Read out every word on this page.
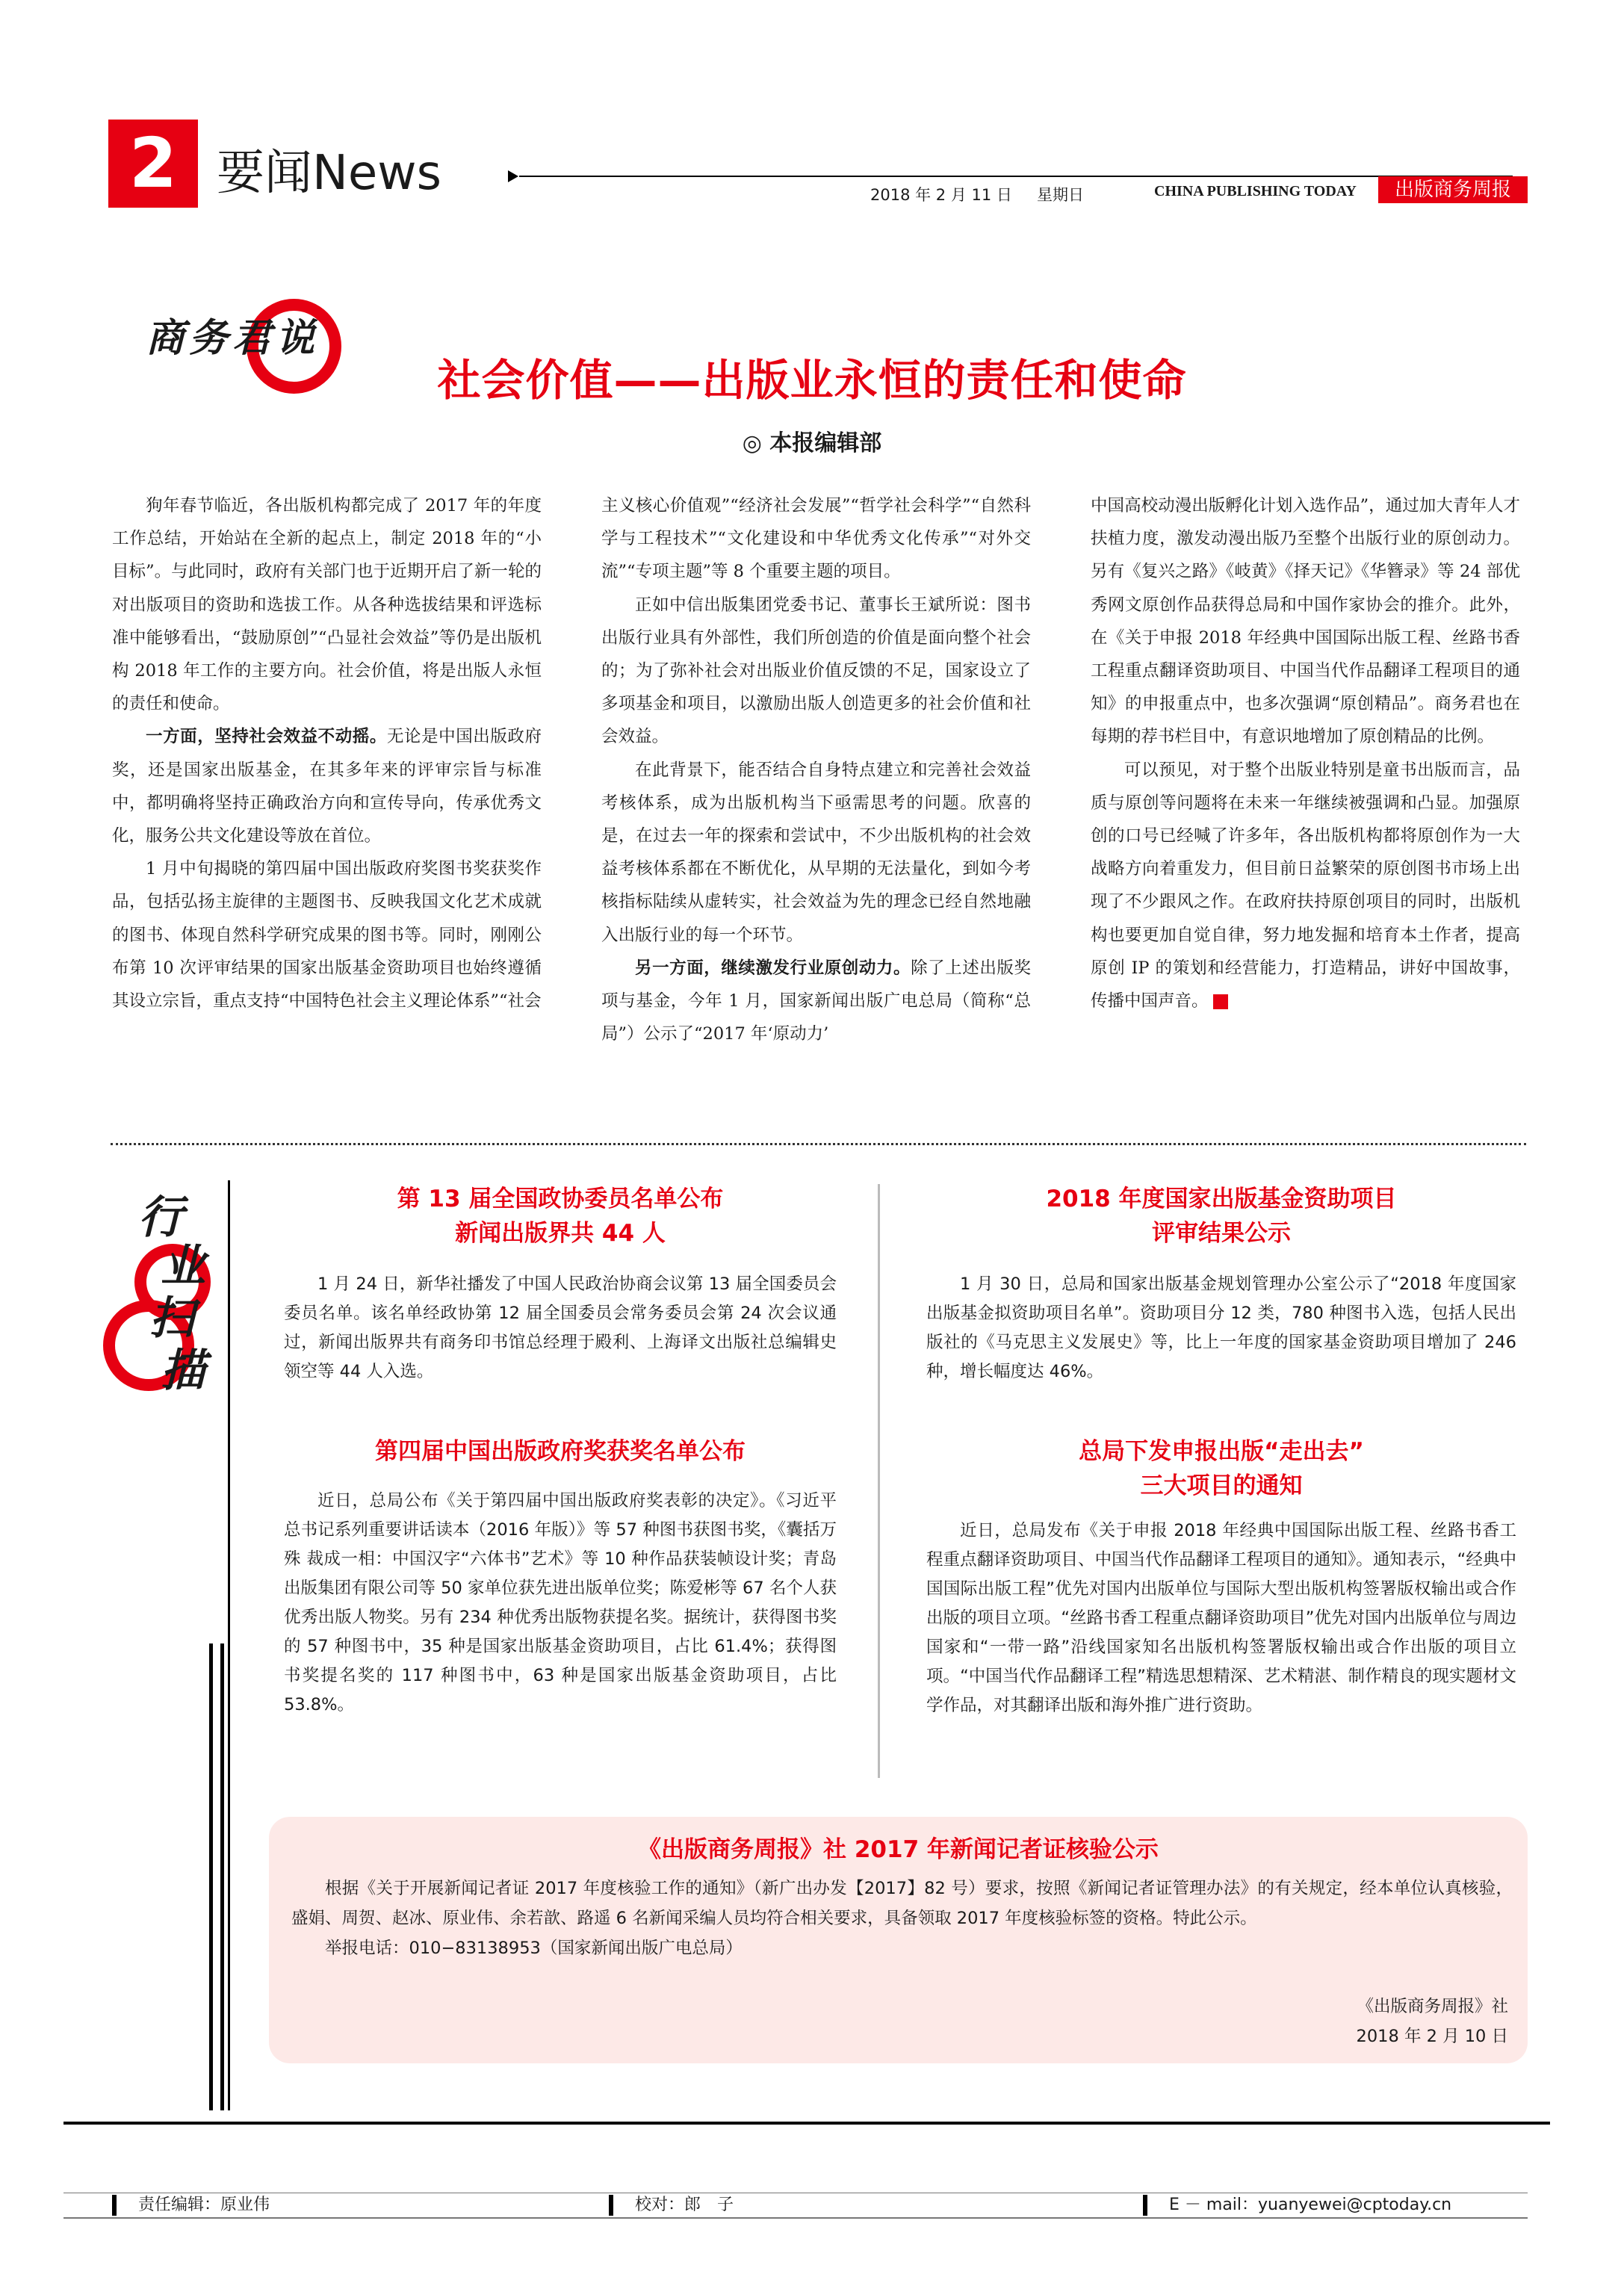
2 要闻News	2018 年 2 月 11 日 星期日	CHINA PUBLISHING TODAY	出版商务周报
商务君说
社会价值——出版业永恒的责任和使命
◎ 本报编辑部

狗年春节临近，各出版机构都完成了 2017 年的年度工作总结，开始站在全新的起点上，制定 2018 年的“小目标”。与此同时，政府有关部门也于近期开启了新一轮的对出版项目的资助和选拔工作。从各种选拔结果和评选标准中能够看出，“鼓励原创”“凸显社会效益”等仍是出版机构 2018 年工作的主要方向。社会价值，将是出版人永恒的责任和使命。

一方面，坚持社会效益不动摇。无论是中国出版政府奖，还是国家出版基金，在其多年来的评审宗旨与标准中，都明确将坚持正确政治方向和宣传导向，传承优秀文化，服务公共文化建设等放在首位。

1 月中旬揭晓的第四届中国出版政府奖图书奖获奖作品，包括弘扬主旋律的主题图书、反映我国文化艺术成就的图书、体现自然科学研究成果的图书等。同时，刚刚公布第 10 次评审结果的国家出版基金资助项目也始终遵循其设立宗旨，重点支持“中国特色社会主义理论体系”“社会

主义核心价值观”“经济社会发展”“哲学社会科学”“自然科学与工程技术”“文化建设和中华优秀文化传承”“对外交流”“专项主题”等 8 个重要主题的项目。

正如中信出版集团党委书记、董事长王斌所说：图书出版行业具有外部性，我们所创造的价值是面向整个社会的；为了弥补社会对出版业价值反馈的不足，国家设立了多项基金和项目，以激励出版人创造更多的社会价值和社会效益。

在此背景下，能否结合自身特点建立和完善社会效益考核体系，成为出版机构当下亟需思考的问题。欣喜的是，在过去一年的探索和尝试中，不少出版机构的社会效益考核体系都在不断优化，从早期的无法量化，到如今考核指标陆续从虚转实，社会效益为先的理念已经自然地融入出版行业的每一个环节。

另一方面，继续激发行业原创动力。除了上述出版奖项与基金，今年 1 月，国家新闻出版广电总局（简称“总局”）公示了“2017 年‘原动力’

中国高校动漫出版孵化计划入选作品”，通过加大青年人才扶植力度，激发动漫出版乃至整个出版行业的原创动力。另有《复兴之路》《岐黄》《择天记》《华簪录》等 24 部优秀网文原创作品获得总局和中国作家协会的推介。此外，在《关于申报 2018 年经典中国国际出版工程、丝路书香工程重点翻译资助项目、中国当代作品翻译工程项目的通知》的申报重点中，也多次强调“原创精品”。商务君也在每期的荐书栏目中，有意识地增加了原创精品的比例。

可以预见，对于整个出版业特别是童书出版而言，品质与原创等问题将在未来一年继续被强调和凸显。加强原创的口号已经喊了许多年，各出版机构都将原创作为一大战略方向着重发力，但目前日益繁荣的原创图书市场上出现了不少跟风之作。在政府扶持原创项目的同时，出版机构也要更加自觉自律，努力地发掘和培育本土作者，提高原创 IP 的策划和经营能力，打造精品，讲好中国故事，传播中国声音。

行
业
扫
描
第 13 届全国政协委员名单公布
新闻出版界共 44 人

1 月 24 日，新华社播发了中国人民政治协商会议第 13 届全国委员会委员名单。该名单经政协第 12 届全国委员会常务委员会第 24 次会议通过，新闻出版界共有商务印书馆总经理于殿利、上海译文出版社总编辑史领空等 44 人入选。

2018 年度国家出版基金资助项目
评审结果公示

1 月 30 日，总局和国家出版基金规划管理办公室公示了“2018 年度国家出版基金拟资助项目名单”。资助项目分 12 类，780 种图书入选，包括人民出版社的《马克思主义发展史》等，比上一年度的国家基金资助项目增加了 246 种，增长幅度达 46%。

第四届中国出版政府奖获奖名单公布

近日，总局公布《关于第四届中国出版政府奖表彰的决定》。《习近平总书记系列重要讲话读本（2016 年版）》等 57 种图书获图书奖，《囊括万殊 裁成一相：中国汉字“六体书”艺术》等 10 种作品获装帧设计奖；青岛出版集团有限公司等 50 家单位获先进出版单位奖；陈爱彬等 67 名个人获优秀出版人物奖。另有 234 种优秀出版物获提名奖。据统计，获得图书奖的 57 种图书中，35 种是国家出版基金资助项目，占比 61.4%；获得图书奖提名奖的 117 种图书中，63 种是国家出版基金资助项目，占比 53.8%。

总局下发申报出版“走出去”
三大项目的通知

近日，总局发布《关于申报 2018 年经典中国国际出版工程、丝路书香工程重点翻译资助项目、中国当代作品翻译工程项目的通知》。通知表示，“经典中国国际出版工程”优先对国内出版单位与国际大型出版机构签署版权输出或合作出版的项目立项。“丝路书香工程重点翻译资助项目”优先对国内出版单位与周边国家和“一带一路”沿线国家知名出版机构签署版权输出或合作出版的项目立项。“中国当代作品翻译工程”精选思想精深、艺术精湛、制作精良的现实题材文学作品，对其翻译出版和海外推广进行资助。

《出版商务周报》社 2017 年新闻记者证核验公示

根据《关于开展新闻记者证 2017 年度核验工作的通知》（新广出办发【2017】82 号）要求，按照《新闻记者证管理办法》的有关规定，经本单位认真核验，盛娟、周贺、赵冰、原业伟、余若歆、路遥 6 名新闻采编人员均符合相关要求，具备领取 2017 年度核验标签的资格。特此公示。

举报电话：010−83138953（国家新闻出版广电总局）

《出版商务周报》社
2018 年 2 月 10 日
责任编辑：原业伟	校对：郎　子	E － mail：yuanyewei@cptoday.cn
